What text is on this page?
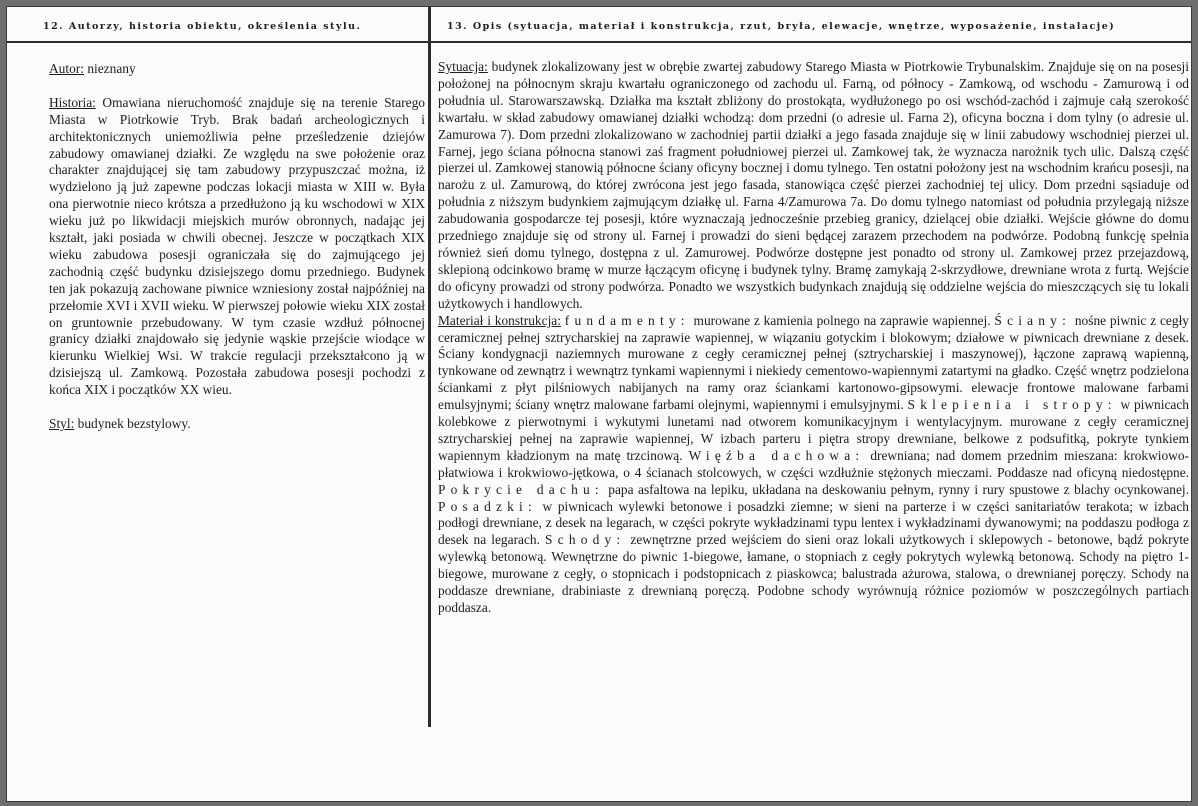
12. Autorzy, historia obiektu, określenia stylu.

Autor: nieznany

Historia: Omawiana nieruchomość znajduje się na terenie Starego Miasta w Piotrkowie Tryb. Brak badań archeologicznych i architektonicznych uniemożliwia pełne prześledzenie dziejów zabudowy omawianej działki. Ze względu na swe położenie oraz charakter znajdującej się tam zabudowy przypuszczać można, iż wydzielono ją już zapewne podczas lokacji miasta w XIII w. Była ona pierwotnie nieco krótsza a przedłużono ją ku wschodowi w XIX wieku już po likwidacji miejskich murów obronnych, nadając jej kształt, jaki posiada w chwili obecnej. Jeszcze w początkach XIX wieku zabudowa posesji ograniczała się do zajmującego jej zachodnią część budynku dzisiejszego domu przedniego. Budynek ten jak pokazują zachowane piwnice wzniesiony został najpóźniej na przełomie XVI i XVII wieku. W pierwszej połowie wieku XIX został on gruntownie przebudowany. W tym czasie wzdłuż północnej granicy działki znajdowało się jedynie wąskie przejście wiodące w kierunku Wielkiej Wsi. W trakcie regulacji przekształcono ją w dzisiejszą ul. Zamkową. Pozostała zabudowa posesji pochodzi z końca XIX i początków XX wieu.

Styl: budynek bezstylowy.

13. Opis (sytuacja, materiał i konstrukcja, rzut, bryła, elewacje, wnętrze, wyposażenie, instalacje)

Sytuacja: budynek zlokalizowany jest w obrębie zwartej zabudowy Starego Miasta w Piotrkowie Trybunalskim. Znajduje się on na posesji położonej na północnym skraju kwartału ograniczonego od zachodu ul. Farną, od północy - Zamkową, od wschodu - Zamurową i od południa ul. Starowarszawską. Działka ma kształt zbliżony do prostokąta, wydłużonego po osi wschód-zachód i zajmuje całą szerokość kwartału. w skład zabudowy omawianej działki wchodzą: dom przedni (o adresie ul. Farna 2), oficyna boczna i dom tylny (o adresie ul. Zamurowa 7). Dom przedni zlokalizowano w zachodniej partii działki a jego fasada znajduje się w linii zabudowy wschodniej pierzei ul. Farnej, jego ściana północna stanowi zaś fragment południowej pierzei ul. Zamkowej tak, że wyznacza narożnik tych ulic. Dalszą część pierzei ul. Zamkowej stanowią północne ściany oficyny bocznej i domu tylnego. Ten ostatni położony jest na wschodnim krańcu posesji, na narożu z ul. Zamurową, do której zwrócona jest jego fasada, stanowiąca część pierzei zachodniej tej ulicy. Dom przedni sąsiaduje od południa z niższym budynkiem zajmującym działkę ul. Farna 4/Zamurowa 7a. Do domu tylnego natomiast od południa przylegają niższe zabudowania gospodarcze tej posesji, które wyznaczają jednocześnie przebieg granicy, dzielącej obie działki. Wejście główne do domu przedniego znajduje się od strony ul. Farnej i prowadzi do sieni będącej zarazem przechodem na podwórze. Podobną funkcję spełnia również sień domu tylnego, dostępna z ul. Zamurowej. Podwórze dostępne jest ponadto od strony ul. Zamkowej przez przejazdową, sklepioną odcinkowo bramę w murze łączącym oficynę i budynek tylny. Bramę zamykają 2-skrzydłowe, drewniane wrota z furtą. Wejście do oficyny prowadzi od strony podwórza. Ponadto we wszystkich budynkach znajdują się oddzielne wejścia do mieszczących się tu lokali użytkowych i handlowych.

Materiał i konstrukcja: fundamenty: murowane z kamienia polnego na zaprawie wapiennej. Ściany: nośne piwnic z cegły ceramicznej pełnej sztrycharskiej na zaprawie wapiennej, w wiązaniu gotyckim i blokowym; działowe w piwnicach drewniane z desek. Ściany kondygnacji naziemnych murowane z cegły ceramicznej pełnej (sztrycharskiej i maszynowej), łączone zaprawą wapienną, tynkowane od zewnątrz i wewnątrz tynkami wapiennymi i niekiedy cementowo-wapiennymi zatartymi na gładko. Część wnętrz podzielona ściankami z płyt pilśniowych nabijanych na ramy oraz ściankami kartonowo-gipsowymi. elewacje frontowe malowane farbami emulsyjnymi; ściany wnętrz malowane farbami olejnymi, wapiennymi i emulsyjnymi. Sklepienia i stropy: w piwnicach kolebkowe z pierwotnymi i wykutymi lunetami nad otworem komunikacyjnym i wentylacyjnym. murowane z cegły ceramicznej sztrycharskiej pełnej na zaprawie wapiennej, W izbach parteru i piętra stropy drewniane, belkowe z podsufitką, pokryte tynkiem wapiennym kładzionym na matę trzcinową. Więźba dachowa: drewniana; nad domem przednim mieszana: krokwiowo-płatwiowa i krokwiowo-jętkowa, o 4 ścianach stolcowych, w części wzdłużnie stężonych mieczami. Poddasze nad oficyną niedostępne. Pokrycie dachu: papa asfaltowa na lepiku, układana na deskowaniu pełnym, rynny i rury spustowe z blachy ocynkowanej. Posadzki: w piwnicach wylewki betonowe i posadzki ziemne; w sieni na parterze i w części sanitariatów terakota; w izbach podłogi drewniane, z desek na legarach, w części pokryte wykładzinami typu lentex i wykładzinami dywanowymi; na poddaszu podłoga z desek na legarach. Schody: zewnętrzne przed wejściem do sieni oraz lokali użytkowych i sklepowych - betonowe, bądź pokryte wylewką betonową. Wewnętrzne do piwnic 1-biegowe, łamane, o stopniach z cegły pokrytych wylewką betonową. Schody na piętro 1-biegowe, murowane z cegły, o stopnicach i podstopnicach z piaskowca; balustrada ażurowa, stalowa, o drewnianej poręczy. Schody na poddasze drewniane, drabiniaste z drewnianą poręczą. Podobne schody wyrównują różnice poziomów w poszczególnych partiach poddasza.
